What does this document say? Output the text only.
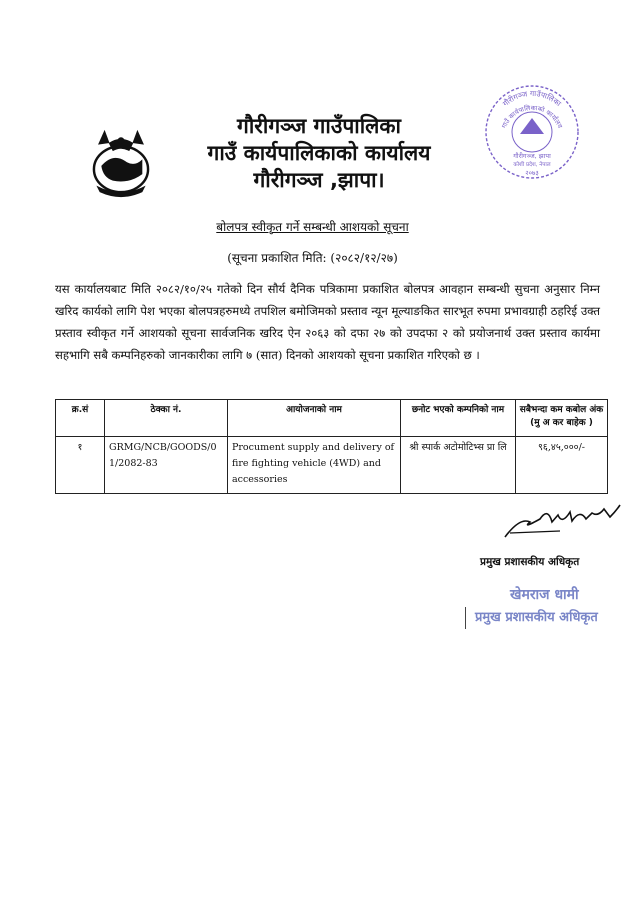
गौरीगञ्ज गाउँपालिका
गाउँ कार्यपालिकाको कार्यालय
गौरीगञ्ज ,झापा।
गौरीगञ्ज गाउँपालिका
गाउँ कार्यपालिकाको कार्यालय
गौरीगञ्ज, झापा
कोशी प्रदेश, नेपाल
२०७३
बोलपत्र स्वीकृत गर्ने सम्बन्धी आशयको सूचना
(सूचना प्रकाशित मिति: (२०८२/१२/२७)
यस कार्यालयबाट मिति २०८२/१०/२५ गतेको दिन सौर्य दैनिक पत्रिकामा प्रकाशित बोलपत्र आवहान सम्बन्धी सुचना अनुसार निम्न खरिद कार्यको लागि पेश भएका बोलपत्रहरुमध्ये तपशिल बमोजिमको प्रस्ताव न्यून मूल्याङकित सारभूत रुपमा प्रभावग्राही ठहरिई उक्त प्रस्ताव स्वीकृत गर्ने आशयको सूचना सार्वजनिक खरिद ऐन २०६३ को दफा २७ को उपदफा २ को प्रयोजनार्थ उक्त प्रस्ताव कार्यमा सहभागि सबै कम्पनिहरुको जानकारीका लागि ७ (सात) दिनको आशयको सूचना प्रकाशित गरिएको छ ।
क्र.सं	ठेक्का नं.	आयोजनाको नाम	छनोट भएको कम्पनिको नाम	सबैभन्दा कम कबोल अंक (मु अ कर बाहेक )
१	GRMG/NCB/GOODS/01/2082-83	Procument supply and delivery of fire fighting vehicle (4WD) and accessories	श्री स्पार्क अटोमोटिभ्स प्रा लि	९६,४५,०००/-
प्रमुख प्रशासकीय अधिकृत
खेमराज धामी
प्रमुख प्रशासकीय अधिकृत
